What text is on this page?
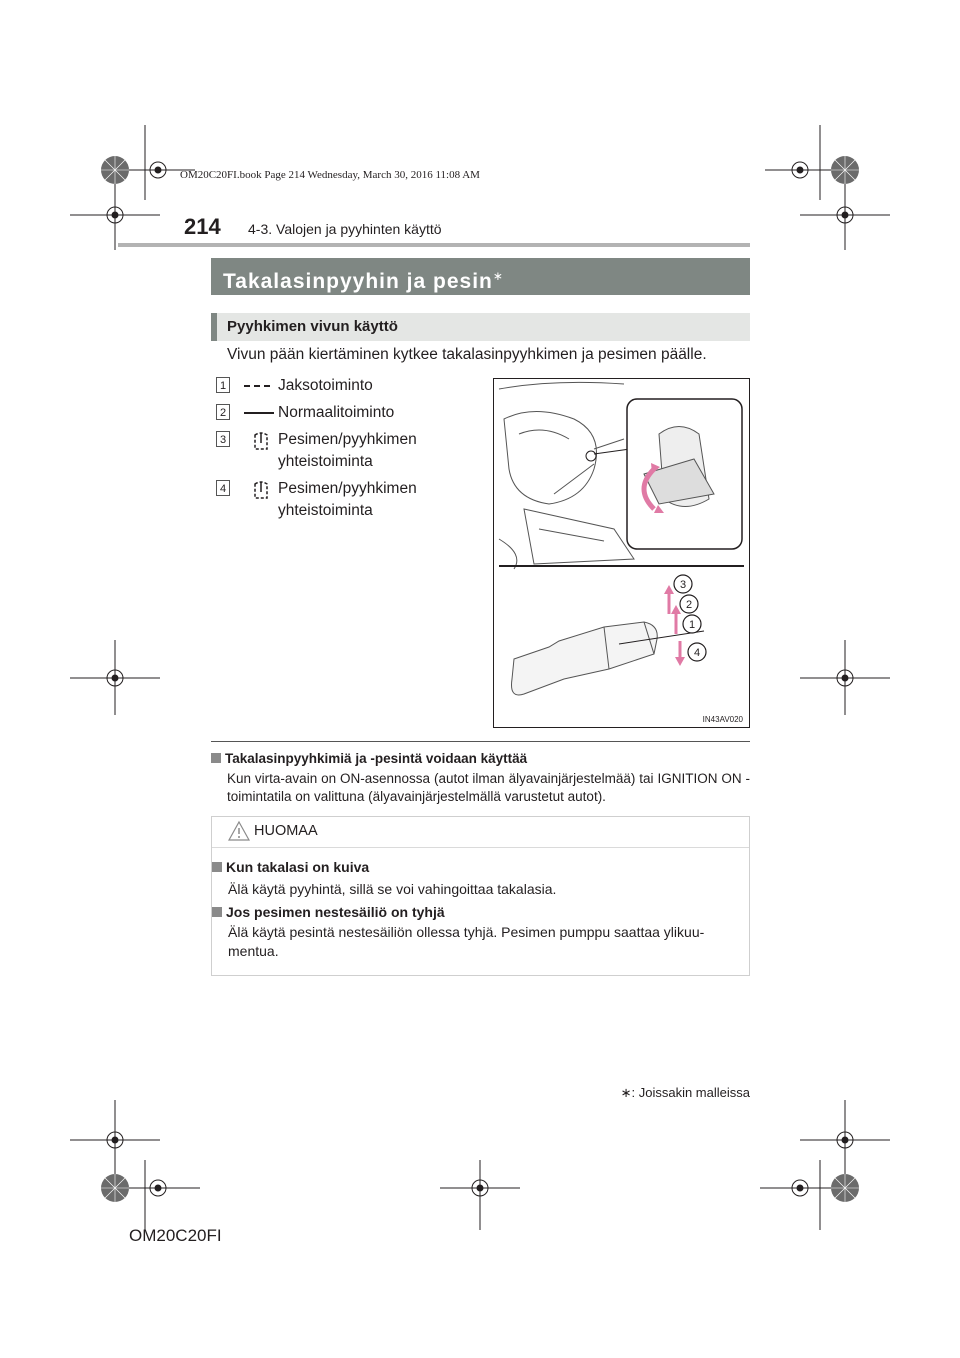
OM20C20FI.book Page 214 Wednesday, March 30, 2016 11:08 AM
214 4-3. Valojen ja pyyhinten käyttö
Takalasinpyyhin ja pesin∗
Pyyhkimen vivun käyttö
Vivun pään kiertäminen kytkee takalasinpyyhkimen ja pesimen päälle.
1	Jaksotoiminto
2	Normaalitoiminto
3	Pesimen/pyyhkimen yhteistoiminta
4	Pesimen/pyyhkimen yhteistoiminta
3
2
1
4
IN43AV020
Takalasinpyyhkimiä ja -pesintä voidaan käyttää
Kun virta-avain on ON-asennossa (autot ilman älyavainjärjestelmää) tai IGNITION ON -toimintatila on valittuna (älyavainjärjestelmällä varustetut autot).
HUOMAA
Kun takalasi on kuiva
Älä käytä pyyhintä, sillä se voi vahingoittaa takalasia.
Jos pesimen nestesäiliö on tyhjä
Älä käytä pesintä nestesäiliön ollessa tyhjä. Pesimen pumppu saattaa ylikuu-mentua.
∗: Joissakin malleissa
OM20C20FI
